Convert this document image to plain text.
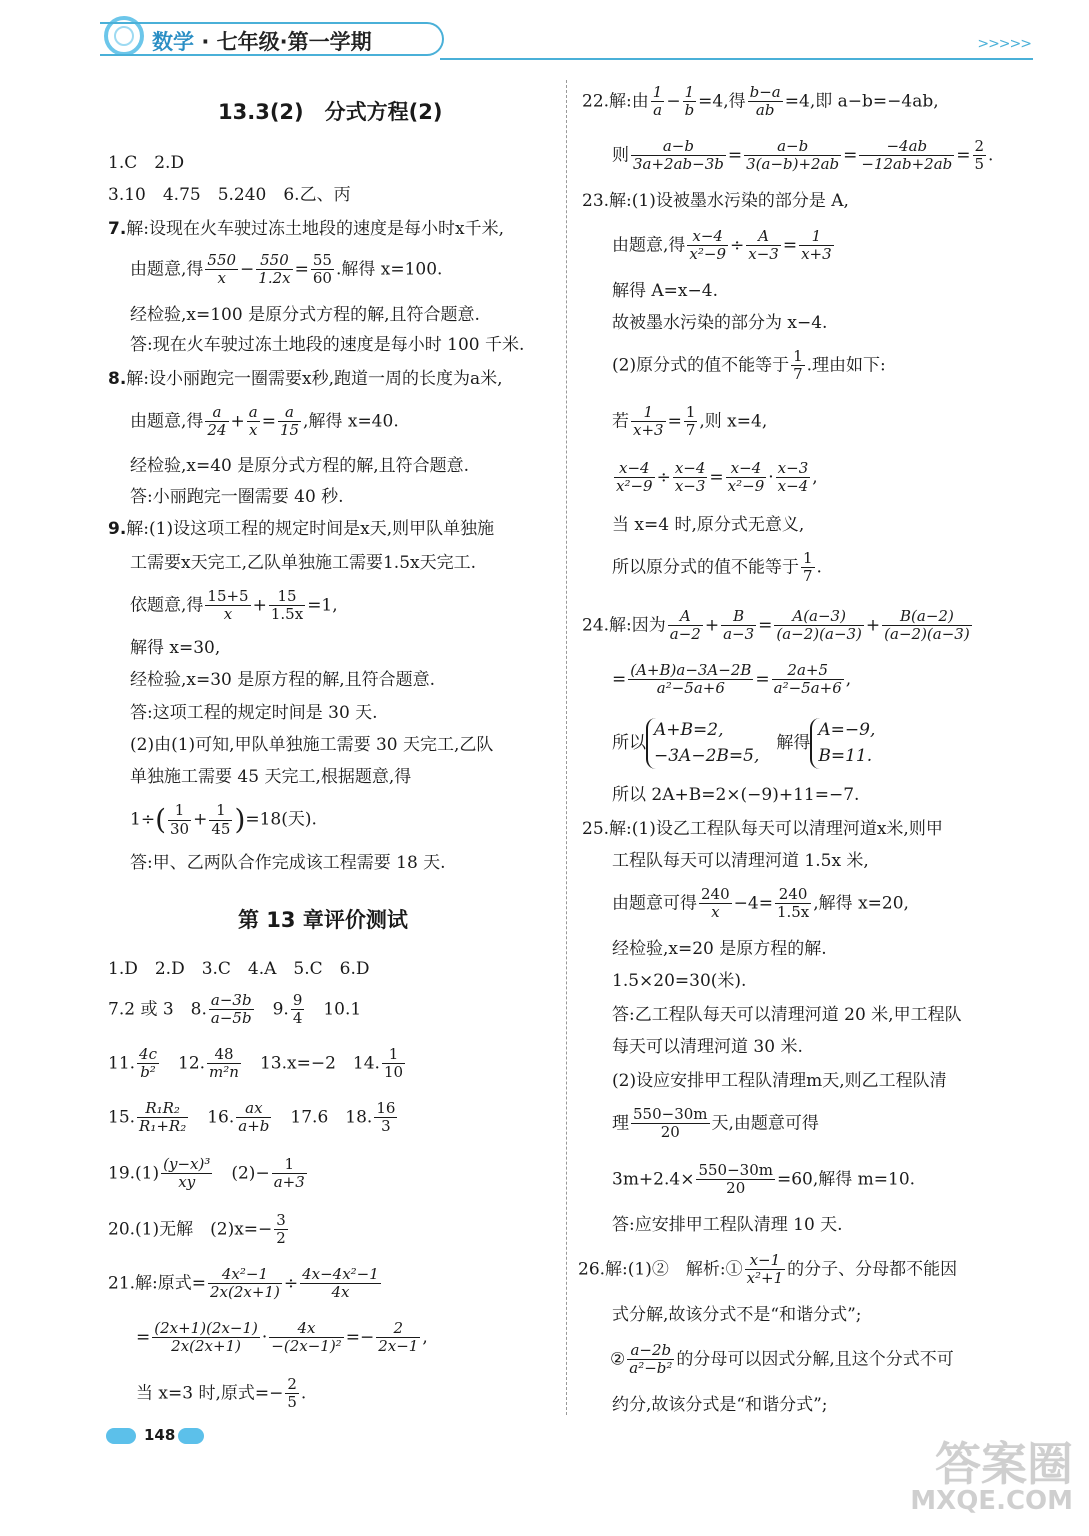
数学 · 七年级·第一学期	>>>>>
13.3(2)　分式方程(2)
1.C　2.D
3.10　4.75　5.240　6.乙、丙
7.解:设现在火车驶过冻土地段的速度是每小时x千米,
由题意,得 $\frac{550}{x} - \frac{550}{1.2x} = \frac{55}{60}$ .解得 x=100.
经检验,x=100 是原分式方程的解,且符合题意.
答:现在火车驶过冻土地段的速度是每小时 100 千米.
8.解:设小丽跑完一圈需要x秒,跑道一周的长度为a米,
由题意,得 $\frac{a}{24} + \frac{a}{x} = \frac{a}{15}$ ,解得 x=40.
经检验,x=40 是原分式方程的解,且符合题意.
答:小丽跑完一圈需要 40 秒.
9.解:(1)设这项工程的规定时间是x天,则甲队单独施
工需要x天完工,乙队单独施工需要1.5x天完工.
依题意,得 $\frac{15+5}{x} + \frac{15}{1.5x} =1$,
解得 x=30,
经检验,x=30 是原方程的解,且符合题意.
答:这项工程的规定时间是 30 天.
(2)由(1)可知,甲队单独施工需要 30 天完工,乙队
单独施工需要 45 天完工,根据题意,得
$1\div( \frac{1}{30} + \frac{1}{45} )=18$(天).
答:甲、乙两队合作完成该工程需要 18 天.
第 13 章评价测试
1.D　2.D　3.C　4.A　5.C　6.D
7.2 或 3　 8. $\frac{a-3b}{a-5b}$
　 9. $\frac{9}{4}$
　 10.1
11. $\frac{4c}{\text{b²}}$
　 12. $\frac{48}{\text{m²n}}$
　 13.x=−2　 14. $\frac{1}{10}$
15. $\frac{\text{R₁R₂}}{\text{R₁+R₂}}$
　 16. $\frac{ax}{a+b}$
　 17.6　 18. $\frac{16}{3}$
$19.(1) \frac{\text{(y−x)³}}{xy}$
　 $(2)- \frac{1}{a+3}$
20.(1)无解　$(2)x=- \frac{3}{2}$
21.解:原式= $\frac{\text{4x²−1}}{2x(2x+1)} \div \frac{\text{4x−4x²−1}}{4x}$
= $\frac{(2x+1)(2x-1)}{2x(2x+1)} \cdot \frac{4x}{\text{−(2x−1)²}} =- \frac{2}{2x-1}$ ,
当 x=3 时,原式=− $\frac{2}{5}$ .
22.解:由 $\frac{1}{a} - \frac{1}{b} =4$,得 $\frac{b-a}{ab} =4$,即 a−b=−4ab,
则 $\frac{a-b}{3a+2ab-3b} = \frac{a-b}{3(a-b)+2ab} = \frac{-4ab}{-12ab+2ab} = \frac{2}{5}$ .
23.解:(1)设被墨水污染的部分是 A,
由题意,得 $\frac{x-4}{\text{x²−9}} \div \frac{A}{x-3} = \frac{1}{x+3}$
解得 A=x−4.
故被墨水污染的部分为 x−4.
(2)原分式的值不能等于 $\frac{1}{7}$ .理由如下:
若 $\frac{1}{x+3} = \frac{1}{7}$ ,则 x=4,
$\frac{x-4}{\text{x²−9}} \div \frac{x-4}{x-3} = \frac{x-4}{\text{x²−9}} \cdot \frac{x-3}{x-4}$ ,
当 x=4 时,原分式无意义,
所以原分式的值不能等于 $\frac{1}{7}$ .
24.解:因为 $\frac{A}{a-2} + \frac{B}{a-3} = \frac{A(a-3)}{(a-2)(a-3)} + \frac{B(a-2)}{(a-2)(a-3)}$
= $\frac{(A+B)a-3A-2B}{\text{a²−5a+6}} = \frac{2a+5}{\text{a²−5a+6}}$ ,
所以A+B=2,
−3A−2B=5,　解得A=−9,
B=11.
所以 2A+B=2×(−9)+11=−7.
25.解:(1)设乙工程队每天可以清理河道x米,则甲
工程队每天可以清理河道 1.5x 米,
由题意可得 $\frac{240}{x} -4= \frac{240}{1.5x}$ ,解得 x=20,
经检验,x=20 是原方程的解.
1.5×20=30(米).
答:乙工程队每天可以清理河道 20 米,甲工程队
每天可以清理河道 30 米.
(2)设应安排甲工程队清理m天,则乙工程队清
理 $\frac{550-30m}{20}$ 天,由题意可得
$3m+2.4\times \frac{550-30m}{20} =60$,解得 m=10.
答:应安排甲工程队清理 10 天.
26.解:(1)②　解析:① $\frac{x-1}{\text{x²+1}}$ 的分子、分母都不能因
式分解,故该分式不是“和谐分式”;
② $\frac{a-2b}{\text{a²−b²}}$ 的分母可以因式分解,且这个分式不可
约分,故该分式是“和谐分式”;
148
答案圈
MXQE.COM
